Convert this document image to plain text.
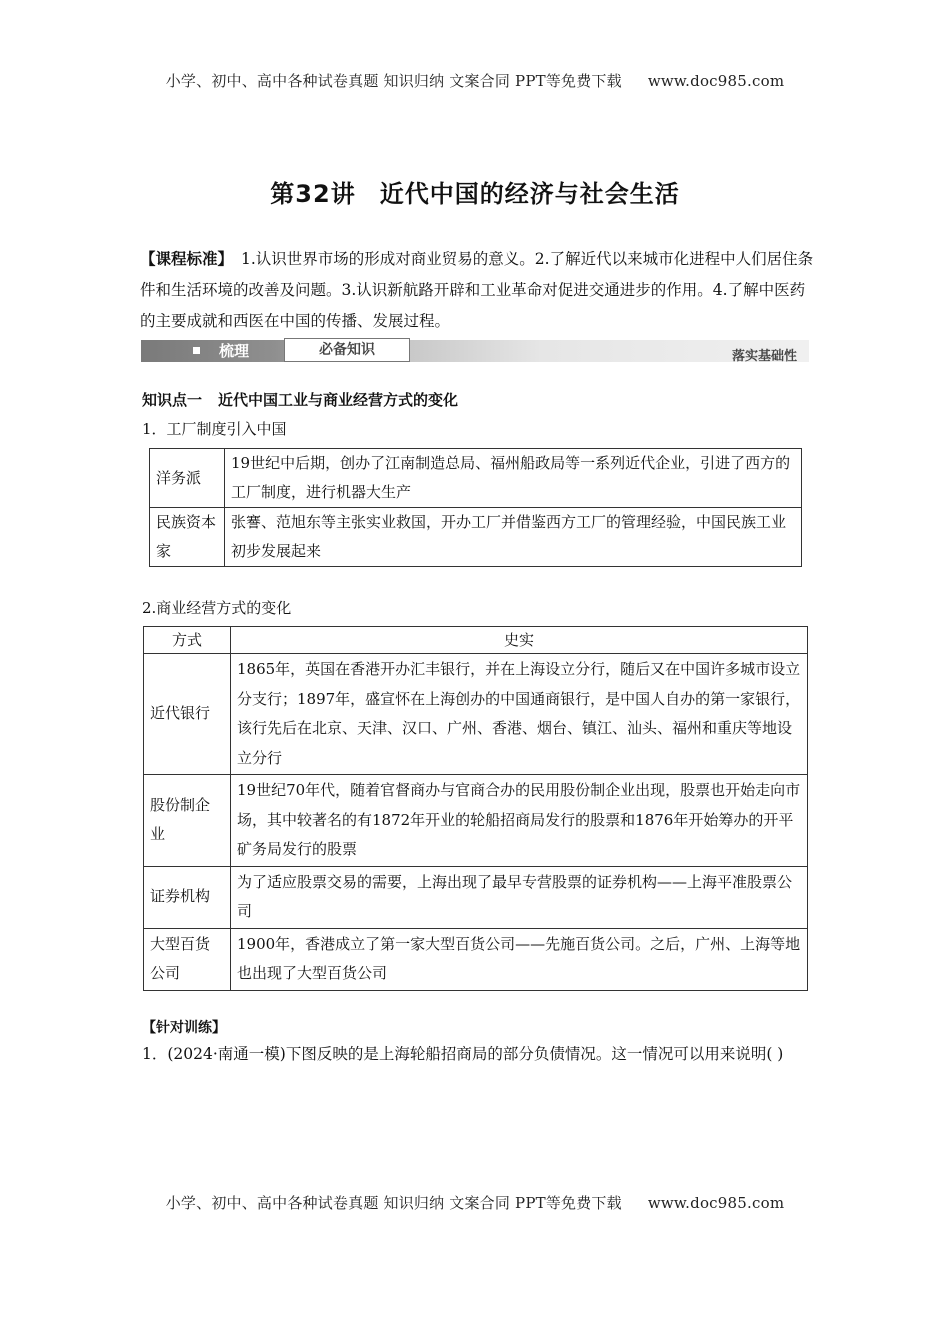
小学、初中、高中各种试卷真题 知识归纳 文案合同 PPT等免费下载 www.doc985.com
第32讲 近代中国的经济与社会生活
【课程标准】 1.认识世界市场的形成对商业贸易的意义。2.了解近代以来城市化进程中人们居住条件和生活环境的改善及问题。3.认识新航路开辟和工业革命对促进交通进步的作用。4.了解中医药的主要成就和西医在中国的传播、发展过程。
梳理	必备知识	落实基础性
知识点一 近代中国工业与商业经营方式的变化
1．工厂制度引入中国
洋务派	19世纪中后期，创办了江南制造总局、福州船政局等一系列近代企业，引进了西方的工厂制度，进行机器大生产
民族资本家	张謇、范旭东等主张实业救国，开办工厂并借鉴西方工厂的管理经验，中国民族工业初步发展起来
2.商业经营方式的变化
方式	史实
近代银行	1865年，英国在香港开办汇丰银行，并在上海设立分行，随后又在中国许多城市设立分支行；1897年，盛宣怀在上海创办的中国通商银行，是中国人自办的第一家银行，该行先后在北京、天津、汉口、广州、香港、烟台、镇江、汕头、福州和重庆等地设立分行
股份制企业	19世纪70年代，随着官督商办与官商合办的民用股份制企业出现，股票也开始走向市场，其中较著名的有1872年开业的轮船招商局发行的股票和1876年开始筹办的开平矿务局发行的股票
证券机构	为了适应股票交易的需要，上海出现了最早专营股票的证券机构——上海平准股票公司
大型百货公司	1900年，香港成立了第一家大型百货公司——先施百货公司。之后，广州、上海等地也出现了大型百货公司
【针对训练】
1．(2024·南通一模)下图反映的是上海轮船招商局的部分负债情况。这一情况可以用来说明( )
小学、初中、高中各种试卷真题 知识归纳 文案合同 PPT等免费下载 www.doc985.com
